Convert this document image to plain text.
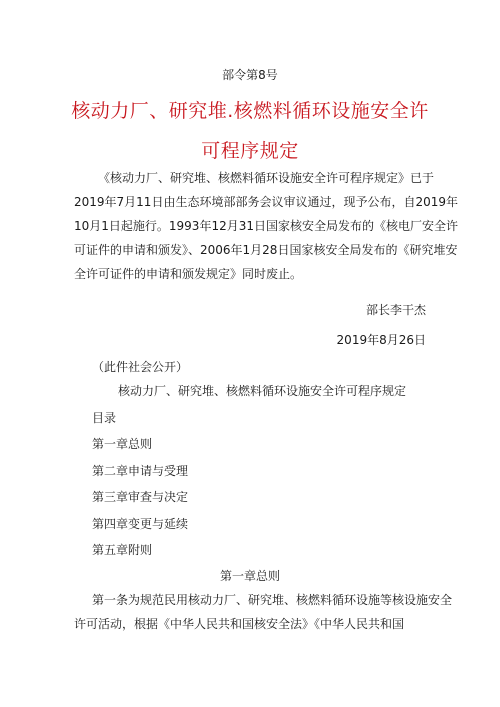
部令第8号
核动力厂、研究堆.核燃料循环设施安全许
可程序规定
《核动力厂、研究堆、核燃料循环设施安全许可程序规定》已于
2019年7月11日由生态环境部部务会议审议通过，现予公布，自2019年
10月1日起施行。1993年12月31日国家核安全局发布的《核电厂安全许
可证件的申请和颁发》、2006年1月28日国家核安全局发布的《研究堆安
全许可证件的申请和颁发规定》同时废止。
部长李干杰
2019年8月26日
（此件社会公开）
核动力厂、研究堆、核燃料循环设施安全许可程序规定
目录
第一章总则
第二章申请与受理
第三章审查与决定
第四章变更与延续
第五章附则
第一章总则
第一条为规范民用核动力厂、研究堆、核燃料循环设施等核设施安全
许可活动，根据《中华人民共和国核安全法》《中华人民共和国
